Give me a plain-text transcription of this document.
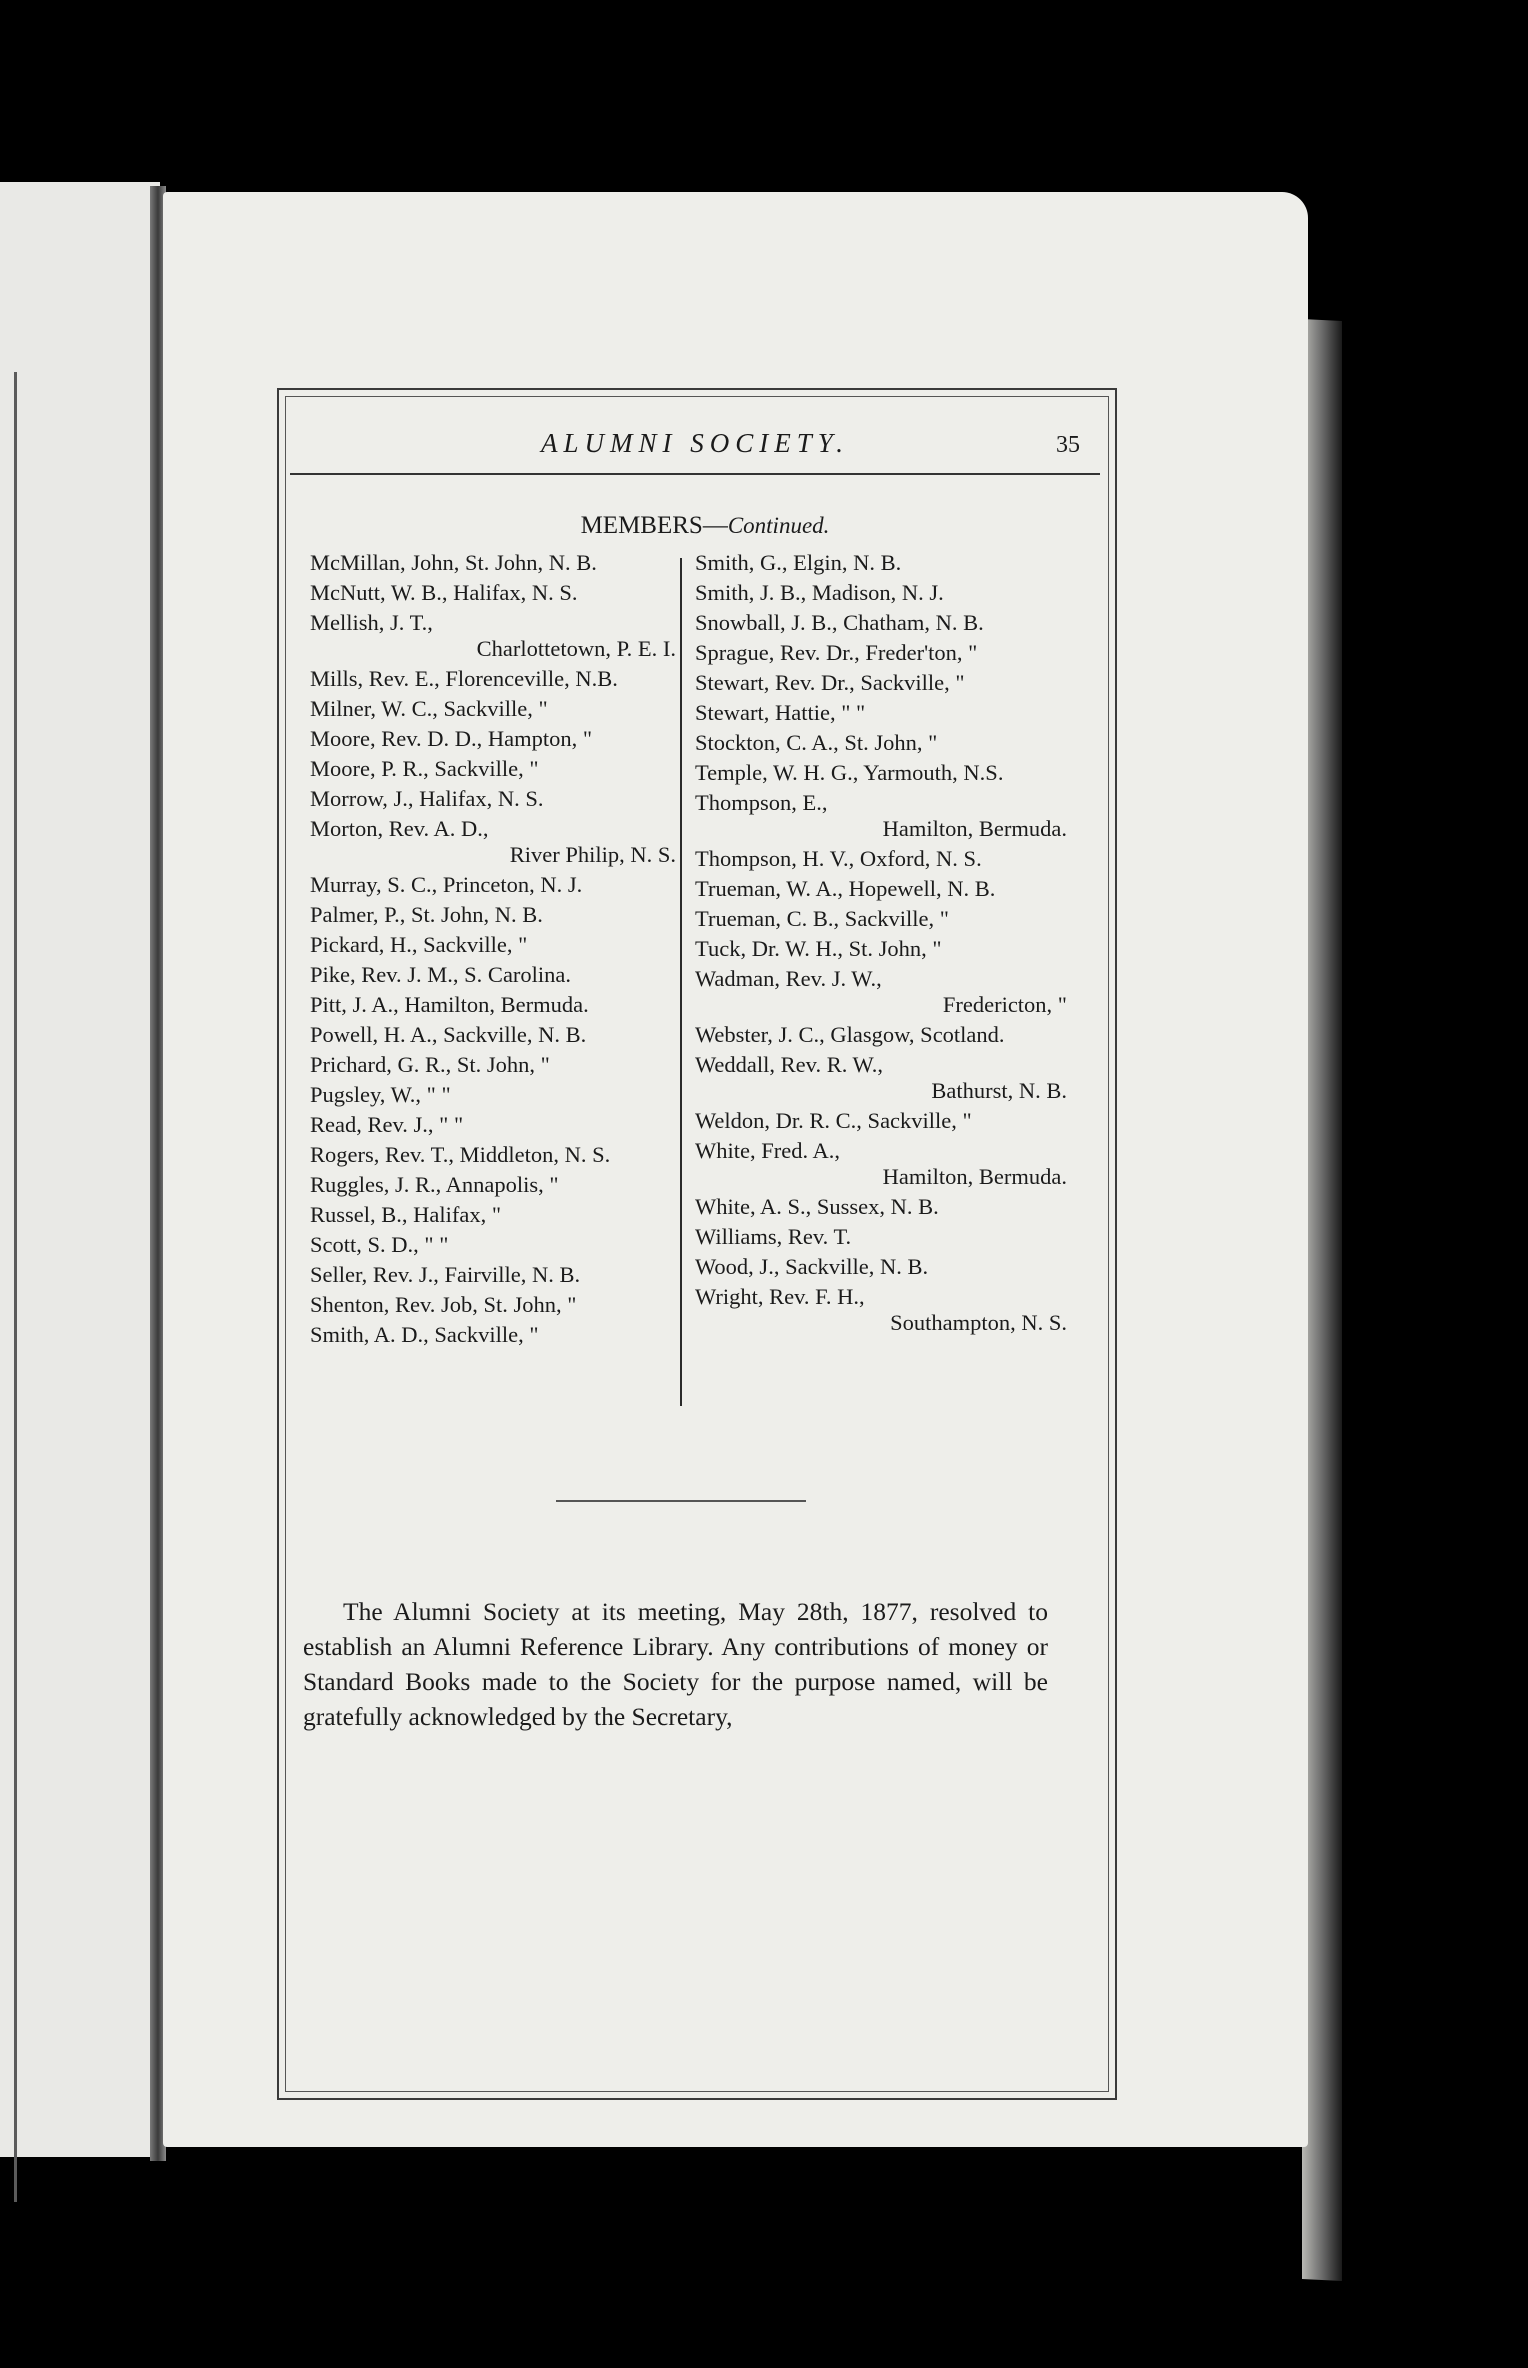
ALUMNI SOCIETY.	35
MEMBERS—Continued.

McMillan, John, St. John, N. B.

McNutt, W. B., Halifax, N. S.

Mellish, J. T.,
Charlottetown, P. E. I.

Mills, Rev. E., Florenceville, N.B.

Milner, W. C., Sackville, "

Moore, Rev. D. D., Hampton, "

Moore, P. R., Sackville, "

Morrow, J., Halifax, N. S.

Morton, Rev. A. D.,
River Philip, N. S.

Murray, S. C., Princeton, N. J.

Palmer, P., St. John, N. B.

Pickard, H., Sackville, "

Pike, Rev. J. M., S. Carolina.

Pitt, J. A., Hamilton, Bermuda.

Powell, H. A., Sackville, N. B.

Prichard, G. R., St. John, "

Pugsley, W., " "

Read, Rev. J., " "

Rogers, Rev. T., Middleton, N. S.

Ruggles, J. R., Annapolis, "

Russel, B., Halifax, "

Scott, S. D., " "

Seller, Rev. J., Fairville, N. B.

Shenton, Rev. Job, St. John, "

Smith, A. D., Sackville, "

Smith, G., Elgin, N. B.

Smith, J. B., Madison, N. J.

Snowball, J. B., Chatham, N. B.

Sprague, Rev. Dr., Freder'ton, "

Stewart, Rev. Dr., Sackville, "

Stewart, Hattie, " "

Stockton, C. A., St. John, "

Temple, W. H. G., Yarmouth, N.S.

Thompson, E.,
Hamilton, Bermuda.

Thompson, H. V., Oxford, N. S.

Trueman, W. A., Hopewell, N. B.

Trueman, C. B., Sackville, "

Tuck, Dr. W. H., St. John, "

Wadman, Rev. J. W.,
Fredericton, "

Webster, J. C., Glasgow, Scotland.

Weddall, Rev. R. W.,
Bathurst, N. B.

Weldon, Dr. R. C., Sackville, "

White, Fred. A.,
Hamilton, Bermuda.

White, A. S., Sussex, N. B.

Williams, Rev. T.

Wood, J., Sackville, N. B.

Wright, Rev. F. H.,
Southampton, N. S.

The Alumni Society at its meeting, May 28th, 1877, resolved to establish an Alumni Reference Library. Any contributions of money or Standard Books made to the Society for the purpose named, will be gratefully acknowledged by the Secretary,
